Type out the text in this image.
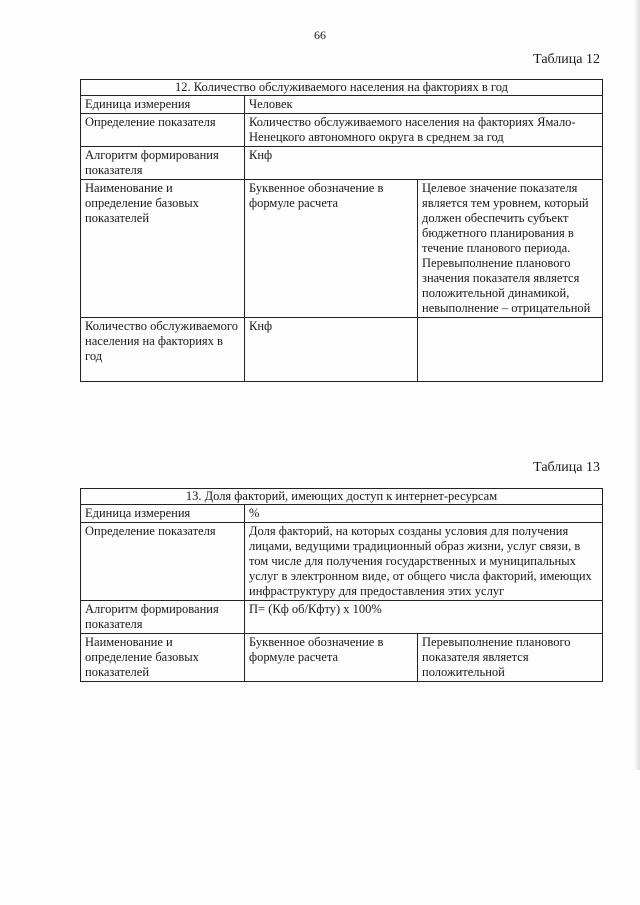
66
Таблица 12
12. Количество обслуживаемого населения на факториях в год		
Единица измерения	Человек	
Определение показателя	Количество обслуживаемого населения на факториях Ямало-Ненецкого автономного округа в среднем за год	
Алгоритм формирования показателя	Кнф	
Наименование и определение базовых показателей	Буквенное обозначение в формуле расчета	Целевое значение показателя является тем уровнем, который должен обеспечить субъект бюджетного планирования в течение планового периода. Перевыполнение планового значения показателя является положительной динамикой, невыполнение – отрицательной
Количество обслуживаемого населения на факториях в год	Кнф	
Таблица 13
13. Доля факторий, имеющих доступ к интернет-ресурсам		
Единица измерения	%	
Определение показателя	Доля факторий, на которых созданы условия для получения лицами, ведущими традиционный образ жизни, услуг связи, в том числе для получения государственных и муниципальных услуг в электронном виде, от общего числа факторий, имеющих инфраструктуру для предоставления этих услуг	
Алгоритм формирования показателя	П= (Кф об/Кфту) х 100%	
Наименование и определение базовых показателей	Буквенное обозначение в формуле расчета	Перевыполнение планового показателя является положительной
